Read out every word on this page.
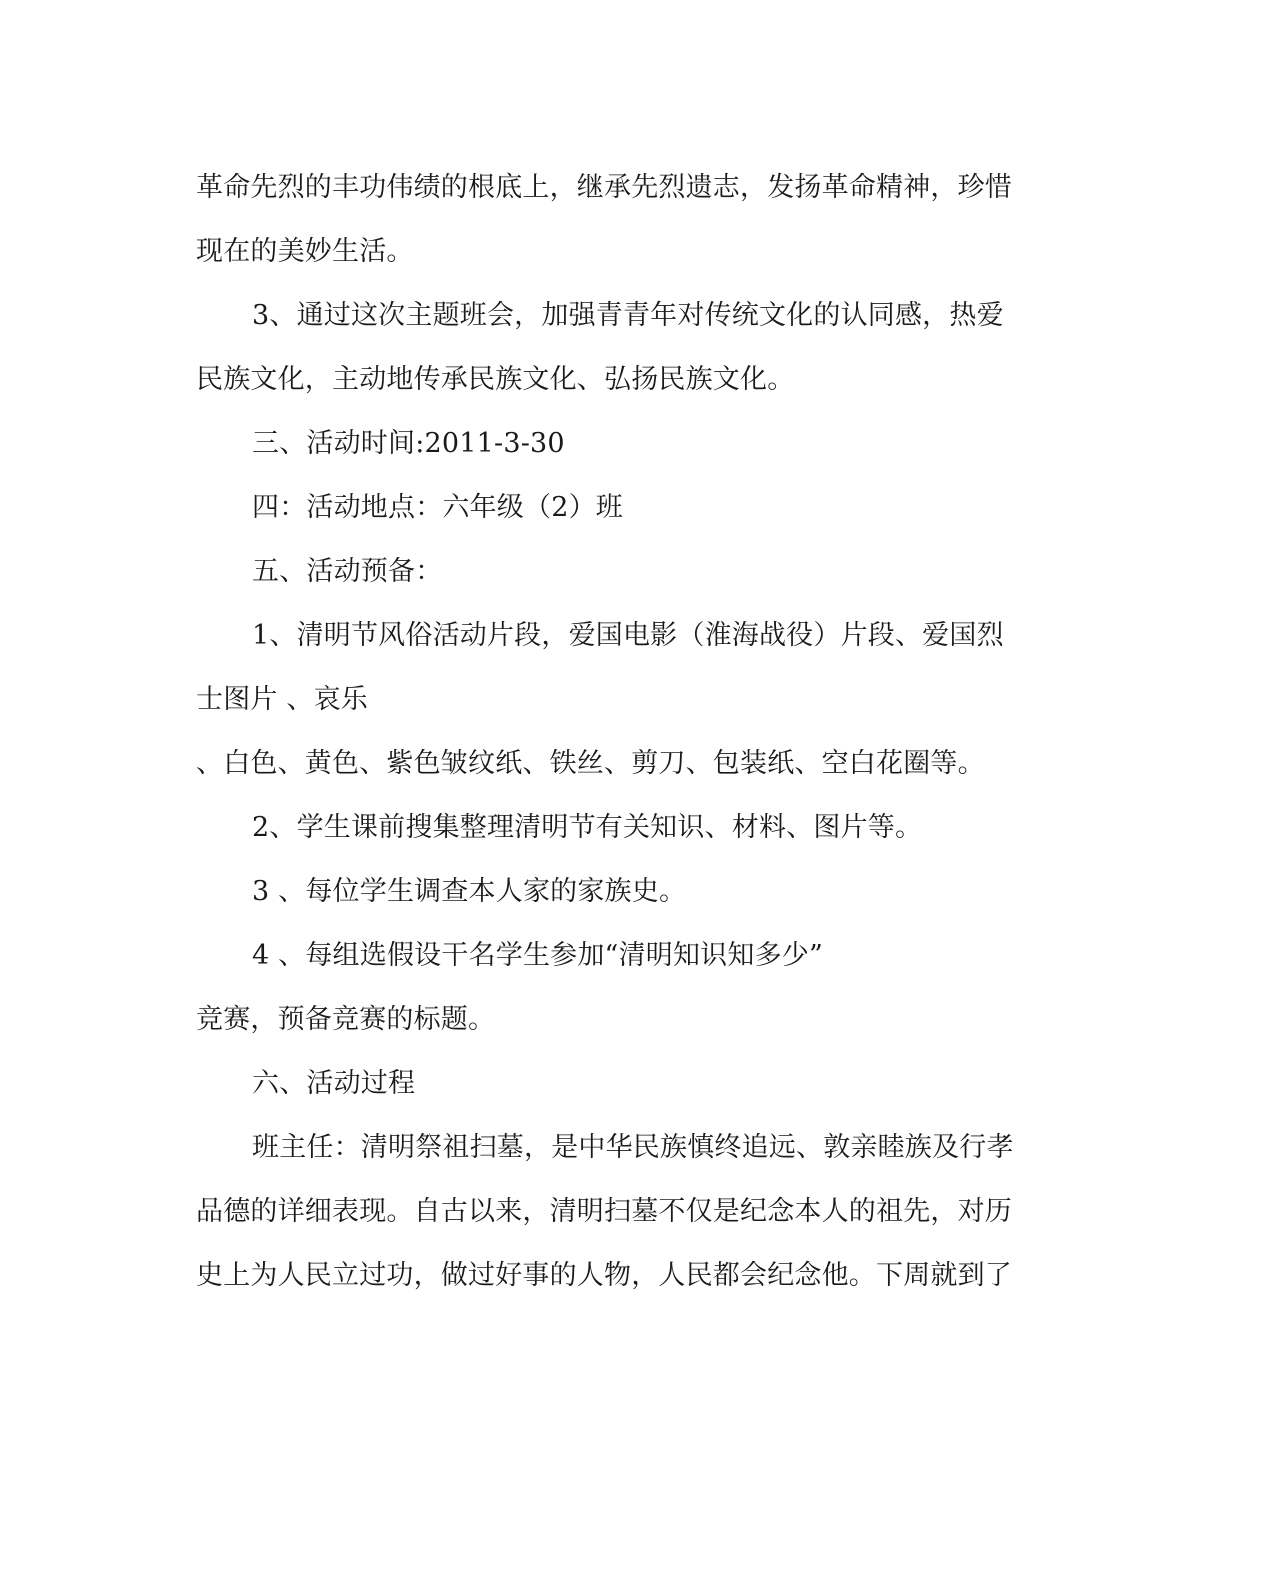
革命先烈的丰功伟绩的根底上，继承先烈遗志，发扬革命精神，珍惜
现在的美妙生活。
3、通过这次主题班会，加强青青年对传统文化的认同感，热爱
民族文化，主动地传承民族文化、弘扬民族文化。
三、活动时间:2011-3-30
四：活动地点：六年级（2）班
五、活动预备：
1、清明节风俗活动片段，爱国电影（淮海战役）片段、爱国烈
士图片 、哀乐
、白色、黄色、紫色皱纹纸、铁丝、剪刀、包装纸、空白花圈等。
2、学生课前搜集整理清明节有关知识、材料、图片等。
3 、每位学生调查本人家的家族史。
4 、每组选假设干名学生参加“清明知识知多少”
竞赛，预备竞赛的标题。
六、活动过程
班主任：清明祭祖扫墓，是中华民族慎终追远、敦亲睦族及行孝
品德的详细表现。自古以来，清明扫墓不仅是纪念本人的祖先，对历
史上为人民立过功，做过好事的人物，人民都会纪念他。下周就到了
